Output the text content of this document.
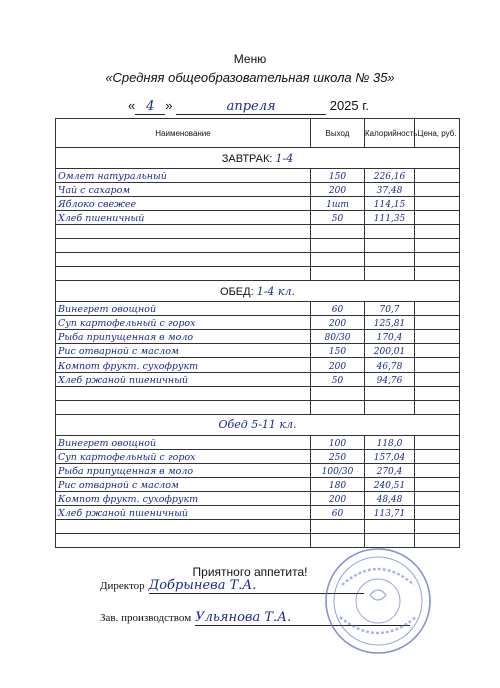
Меню
«Средняя общеобразовательная школа № 35»
« 4 »	апреля	2025 г.
Наименование	Выход	Калорийность	Цена, руб.
ЗАВТРАК: 1-4			
Омлет натуральный	150	226,16	
Чай с сахаром	200	37,48	
Яблоко свежее	1шт	114,15	
Хлеб пшеничный	50	111,35	

ОБЕД: 1-4 кл.			
Винегрет овощной	60	70,7	
Суп картофельный с горох	200	125,81	
Рыба припущенная в моло	80/30	170,4	
Рис отварной с маслом	150	200,01	
Компот фрукт. сухофрукт	200	46,78	
Хлеб ржаной пшеничный	50	94,76	

Обед 5-11 кл.			
Винегрет овощной	100	118,0	
Суп картофельный с горох	250	157,04	
Рыба припущенная в моло	100/30	270,4	
Рис отварной с маслом	180	240,51	
Компот фрукт. сухофрукт	200	48,48	
Хлеб ржаной пшеничный	60	113,71	

Приятного аппетита!
Директор Добрынева Т.А.
Зав. производством Ульянова Т.А.
